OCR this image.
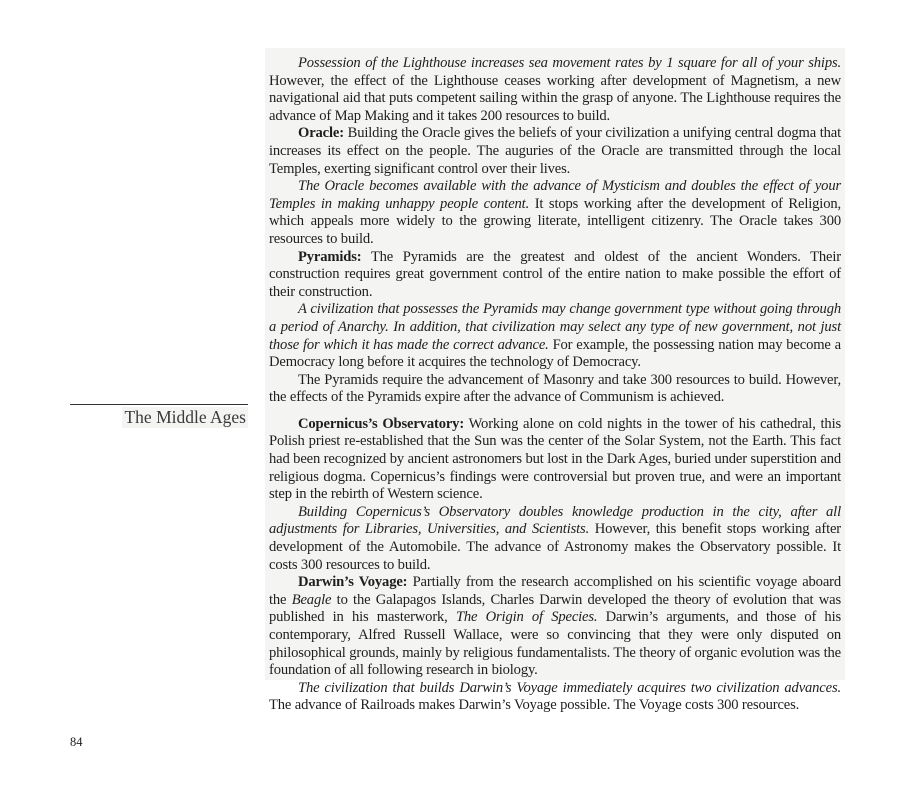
The Middle Ages

Possession of the Lighthouse increases sea movement rates by 1 square for all of your ships. However, the effect of the Lighthouse ceases working after development of Magnetism, a new navigational aid that puts competent sailing within the grasp of anyone. The Lighthouse requires the advance of Map Making and it takes 200 resources to build.

Oracle: Building the Oracle gives the beliefs of your civilization a unifying central dogma that increases its effect on the people. The auguries of the Oracle are transmitted through the local Temples, exerting significant control over their lives.

The Oracle becomes available with the advance of Mysticism and doubles the effect of your Temples in making unhappy people content. It stops working after the development of Religion, which appeals more widely to the growing literate, intelligent citizenry. The Oracle takes 300 resources to build.

Pyramids: The Pyramids are the greatest and oldest of the ancient Wonders. Their construction requires great government control of the entire nation to make possible the effort of their construction.

A civilization that possesses the Pyramids may change government type without going through a period of Anarchy. In addition, that civilization may select any type of new government, not just those for which it has made the correct advance. For example, the possessing nation may become a Democracy long before it acquires the technology of Democracy.

The Pyramids require the advancement of Masonry and take 300 resources to build. However, the effects of the Pyramids expire after the advance of Communism is achieved.

Copernicus’s Observatory: Working alone on cold nights in the tower of his cathedral, this Polish priest re-established that the Sun was the center of the Solar System, not the Earth. This fact had been recognized by ancient astronomers but lost in the Dark Ages, buried under superstition and religious dogma. Copernicus’s findings were controversial but proven true, and were an important step in the rebirth of Western science.

Building Copernicus’s Observatory doubles knowledge production in the city, after all adjustments for Libraries, Universities, and Scientists. However, this benefit stops working after development of the Automobile. The advance of Astronomy makes the Observatory possible. It costs 300 resources to build.

Darwin’s Voyage: Partially from the research accomplished on his scientific voyage aboard the Beagle to the Galapagos Islands, Charles Darwin developed the theory of evolution that was published in his masterwork, The Origin of Species. Darwin’s arguments, and those of his contemporary, Alfred Russell Wallace, were so convincing that they were only disputed on philosophical grounds, mainly by religious fundamentalists. The theory of organic evolution was the foundation of all following research in biology.

The civilization that builds Darwin’s Voyage immediately acquires two civilization advances. The advance of Railroads makes Darwin’s Voyage possible. The Voyage costs 300 resources.

84
